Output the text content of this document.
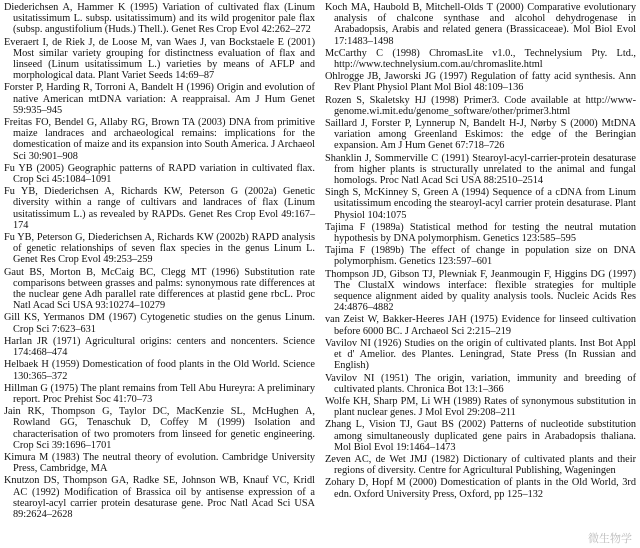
Diederichsen A, Hammer K (1995) Variation of cultivated flax (Linum usitatissimum L. subsp. usitatissimum) and its wild progenitor pale flax (subsp. angustifolium (Huds.) Thell.). Genet Res Crop Evol 42:262–272

Everaert I, de Riek J, de Loose M, van Waes J, van Bockstaele E (2001) Most similar variety grouping for distinctness evaluation of flax and linseed (Linum usitatissimum L.) varieties by means of AFLP and morphological data. Plant Variet Seeds 14:69–87

Forster P, Harding R, Torroni A, Bandelt H (1996) Origin and evolution of native American mtDNA variation: A reappraisal. Am J Hum Genet 59:935–945

Freitas FO, Bendel G, Allaby RG, Brown TA (2003) DNA from primitive maize landraces and archaeological remains: implications for the domestication of maize and its expansion into South America. J Archaeol Sci 30:901–908

Fu YB (2005) Geographic patterns of RAPD variation in cultivated flax. Crop Sci 45:1084–1091

Fu YB, Diederichsen A, Richards KW, Peterson G (2002a) Genetic diversity within a range of cultivars and landraces of flax (Linum usitatissimum L.) as revealed by RAPDs. Genet Res Crop Evol 49:167–174

Fu YB, Peterson G, Diederichsen A, Richards KW (2002b) RAPD analysis of genetic relationships of seven flax species in the genus Linum L. Genet Res Crop Evol 49:253–259

Gaut BS, Morton B, McCaig BC, Clegg MT (1996) Substitution rate comparisons between grasses and palms: synonymous rate differences at the nuclear gene Adh parallel rate differences at plastid gene rbcL. Proc Natl Acad Sci USA 93:10274–10279

Gill KS, Yermanos DM (1967) Cytogenetic studies on the genus Linum. Crop Sci 7:623–631

Harlan JR (1971) Agricultural origins: centers and noncenters. Science 174:468–474

Helbaek H (1959) Domestication of food plants in the Old World. Science 130:365–372

Hillman G (1975) The plant remains from Tell Abu Hureyra: A preliminary report. Proc Prehist Soc 41:70–73

Jain RK, Thompson G, Taylor DC, MacKenzie SL, McHughen A, Rowland GG, Tenaschuk D, Coffey M (1999) Isolation and characterisation of two promoters from linseed for genetic engineering. Crop Sci 39:1696–1701

Kimura M (1983) The neutral theory of evolution. Cambridge University Press, Cambridge, MA

Knutzon DS, Thompson GA, Radke SE, Johnson WB, Knauf VC, Kridl AC (1992) Modification of Brassica oil by antisense expression of a stearoyl-acyl carrier protein desaturase gene. Proc Natl Acad Sci USA 89:2624–2628

Koch MA, Haubold B, Mitchell-Olds T (2000) Comparative evolutionary analysis of chalcone synthase and alcohol dehydrogenase in Arabadopsis, Arabis and related genera (Brassicaceae). Mol Biol Evol 17:1483–1498

McCarthy C (1998) ChromasLite v1.0., Technelysium Pty. Ltd., http://www.technelysium.com.au/chromaslite.html

Ohlrogge JB, Jaworski JG (1997) Regulation of fatty acid synthesis. Ann Rev Plant Physiol Plant Mol Biol 48:109–136

Rozen S, Skaletsky HJ (1998) Primer3. Code available at http://www-genome.wi.mit.edu/genome_software/other/primer3.html

Saillard J, Forster P, Lynnerup N, Bandelt H-J, Nørby S (2000) MtDNA variation among Greenland Eskimos: the edge of the Beringian expansion. Am J Hum Genet 67:718–726

Shanklin J, Sommerville C (1991) Stearoyl-acyl-carrier-protein desaturase from higher plants is structurally unrelated to the animal and fungal homologs. Proc Natl Acad Sci USA 88:2510–2514

Singh S, McKinney S, Green A (1994) Sequence of a cDNA from Linum usitatissimum encoding the stearoyl-acyl carrier protein desaturase. Plant Physiol 104:1075

Tajima F (1989a) Statistical method for testing the neutral mutation hypothesis by DNA polymorphism. Genetics 123:585–595

Tajima F (1989b) The effect of change in population size on DNA polymorphism. Genetics 123:597–601

Thompson JD, Gibson TJ, Plewniak F, Jeanmougin F, Higgins DG (1997) The ClustalX windows interface: flexible strategies for multiple sequence alignment aided by quality analysis tools. Nucleic Acids Res 24:4876–4882

van Zeist W, Bakker-Heeres JAH (1975) Evidence for linseed cultivation before 6000 BC. J Archaeol Sci 2:215–219

Vavilov NI (1926) Studies on the origin of cultivated plants. Inst Bot Appl et d' Amelior. des Plantes. Leningrad, State Press (In Russian and English)

Vavilov NI (1951) The origin, variation, immunity and breeding of cultivated plants. Chronica Bot 13:1–366

Wolfe KH, Sharp PM, Li WH (1989) Rates of synonymous substitution in plant nuclear genes. J Mol Evol 29:208–211

Zhang L, Vision TJ, Gaut BS (2002) Patterns of nucleotide substitution among simultaneously duplicated gene pairs in Arabadopsis thaliana. Mol Biol Evol 19:1464–1473

Zeven AC, de Wet JMJ (1982) Dictionary of cultivated plants and their regions of diversity. Centre for Agricultural Publishing, Wageningen

Zohary D, Hopf M (2000) Domestication of plants in the Old World, 3rd edn. Oxford University Press, Oxford, pp 125–132

微生物学
